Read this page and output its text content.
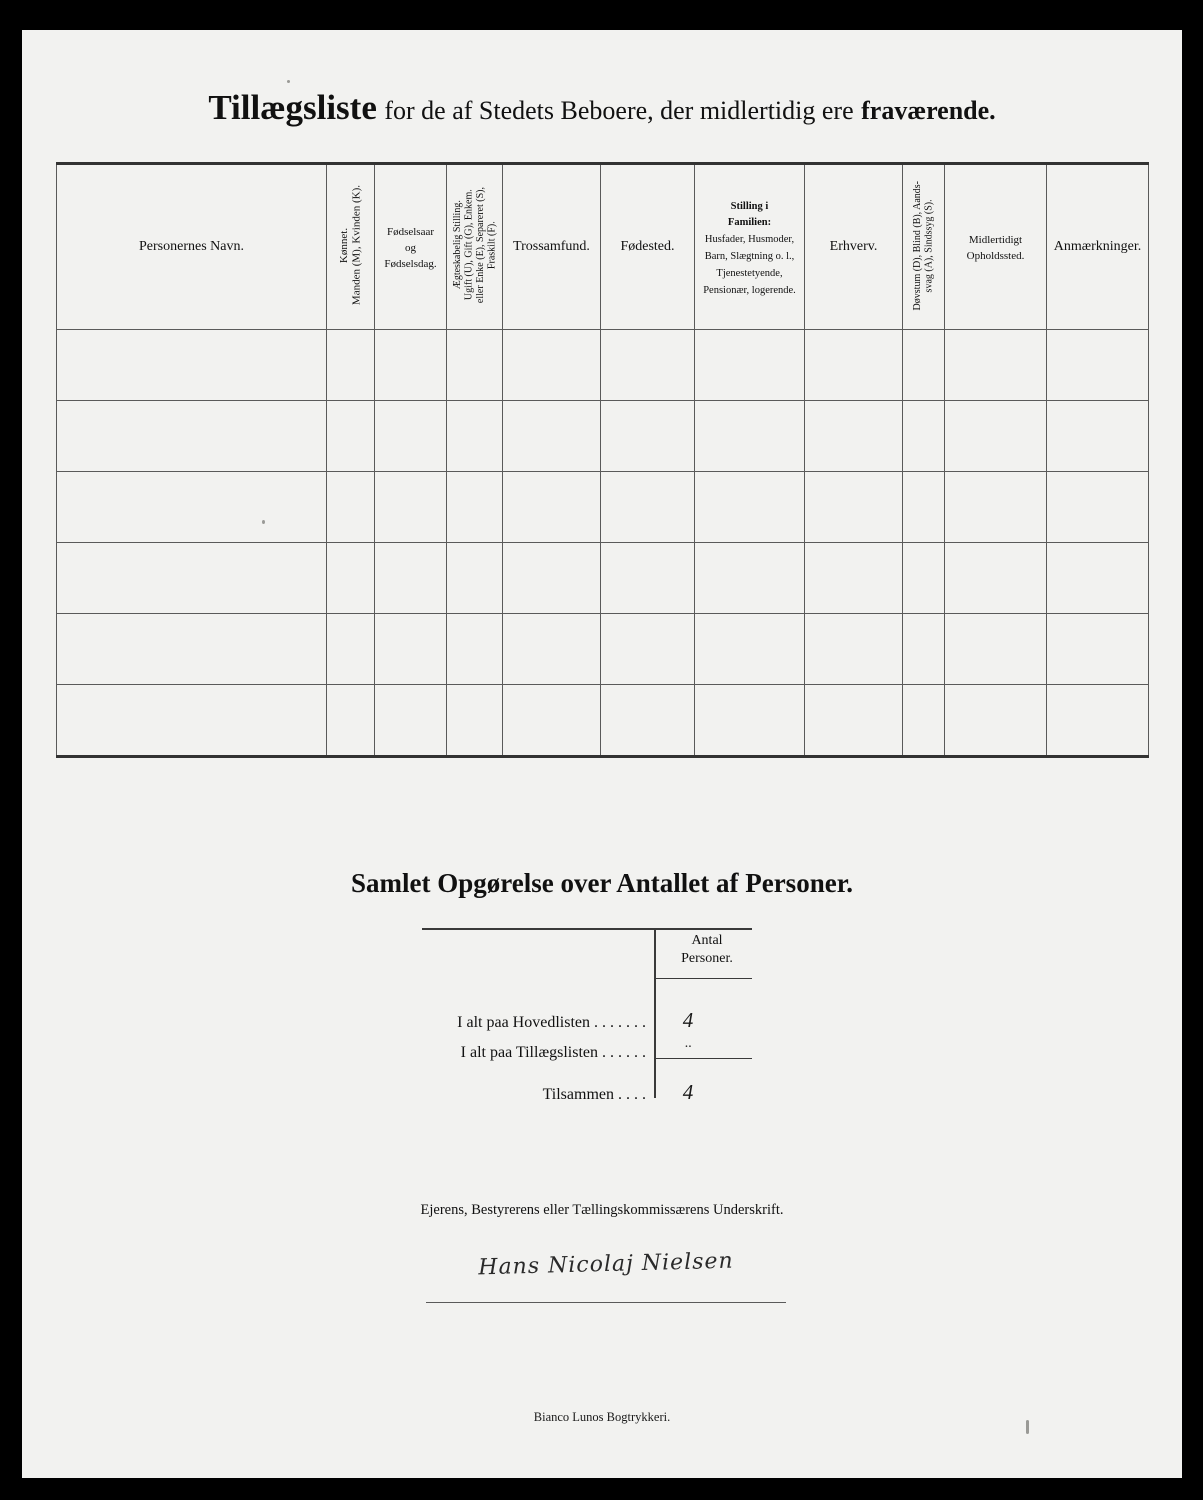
Tillægsliste for de af Stedets Beboere, der midlertidig ere fraværende.
Personernes Navn.	Kønnet.
Manden (M), Kvinden (K).	Fødselsaar
og
Fødselsdag.	Ægteskabelig Stilling.
Ugift (U), Gift (G), Enkem.
eller Enke (E), Separeret (S),
Fraskilt (F).	Trossamfund.	Fødested.	Stilling i
Familien:
Husfader, Husmoder, Barn, Slægtning o. l., Tjenestetyende, Pensionær, logerende.	Erhverv.	Døvstum (D), Blind (B), Aands-
svag (A), Sindssyg (S).	Midlertidigt
Opholdssted.	Anmærkninger.

Samlet Opgørelse over Antallet af Personer.
Antal
Personer.
I alt paa Hovedlisten . . . . . . .	4
I alt paa Tillægslisten . . . . . .	··
Tilsammen . . . .	4
Ejerens, Bestyrerens eller Tællingskommissærens Underskrift.
Hans Nicolaj Nielsen
Bianco Lunos Bogtrykkeri.
